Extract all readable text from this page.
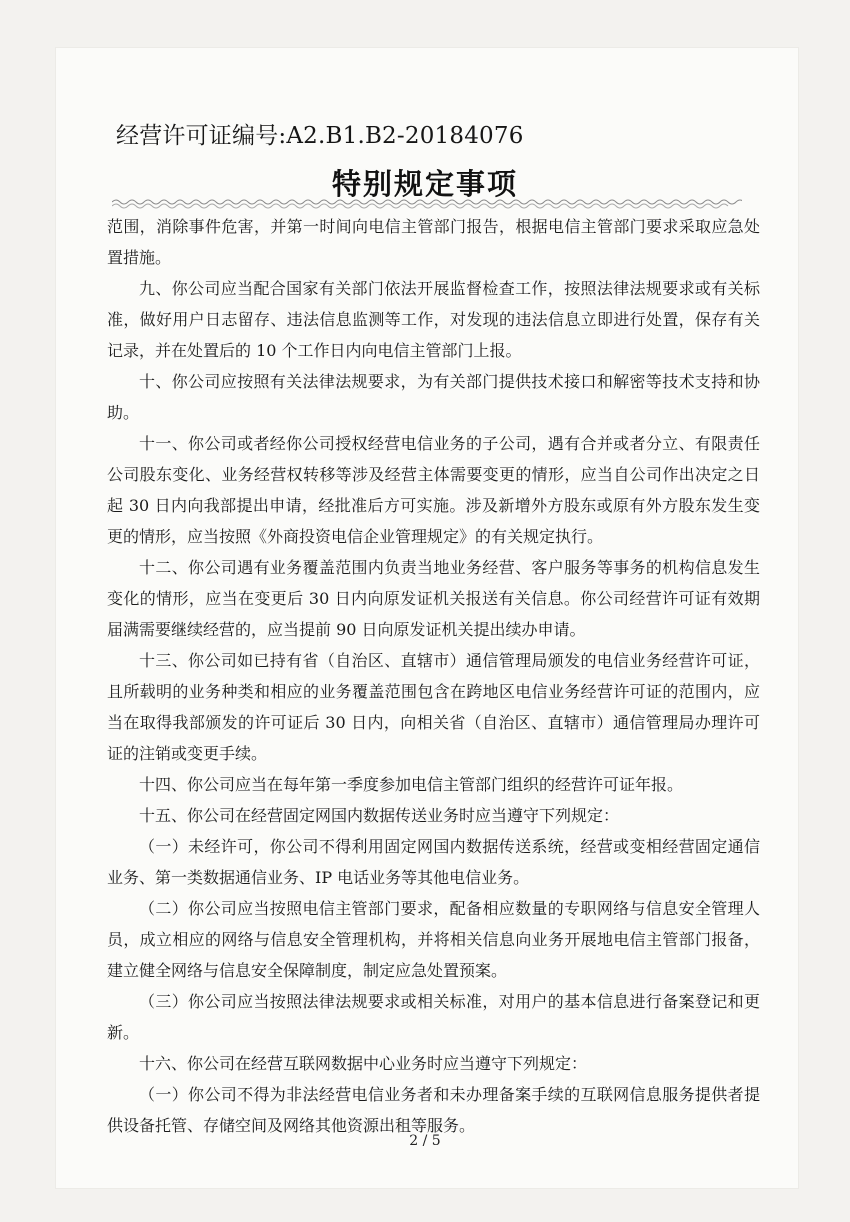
经营许可证编号:A2.B1.B2-20184076
特别规定事项

范围，消除事件危害，并第一时间向电信主管部门报告，根据电信主管部门要求采取应急处置措施。

九、你公司应当配合国家有关部门依法开展监督检查工作，按照法律法规要求或有关标准，做好用户日志留存、违法信息监测等工作，对发现的违法信息立即进行处置，保存有关记录，并在处置后的 10 个工作日内向电信主管部门上报。

十、你公司应按照有关法律法规要求，为有关部门提供技术接口和解密等技术支持和协助。

十一、你公司或者经你公司授权经营电信业务的子公司，遇有合并或者分立、有限责任公司股东变化、业务经营权转移等涉及经营主体需要变更的情形，应当自公司作出决定之日起 30 日内向我部提出申请，经批准后方可实施。涉及新增外方股东或原有外方股东发生变更的情形，应当按照《外商投资电信企业管理规定》的有关规定执行。

十二、你公司遇有业务覆盖范围内负责当地业务经营、客户服务等事务的机构信息发生变化的情形，应当在变更后 30 日内向原发证机关报送有关信息。你公司经营许可证有效期届满需要继续经营的，应当提前 90 日向原发证机关提出续办申请。

十三、你公司如已持有省（自治区、直辖市）通信管理局颁发的电信业务经营许可证，且所载明的业务种类和相应的业务覆盖范围包含在跨地区电信业务经营许可证的范围内，应当在取得我部颁发的许可证后 30 日内，向相关省（自治区、直辖市）通信管理局办理许可证的注销或变更手续。

十四、你公司应当在每年第一季度参加电信主管部门组织的经营许可证年报。

十五、你公司在经营固定网国内数据传送业务时应当遵守下列规定：

（一）未经许可，你公司不得利用固定网国内数据传送系统，经营或变相经营固定通信业务、第一类数据通信业务、IP 电话业务等其他电信业务。

（二）你公司应当按照电信主管部门要求，配备相应数量的专职网络与信息安全管理人员，成立相应的网络与信息安全管理机构，并将相关信息向业务开展地电信主管部门报备，建立健全网络与信息安全保障制度，制定应急处置预案。

（三）你公司应当按照法律法规要求或相关标准，对用户的基本信息进行备案登记和更新。

十六、你公司在经营互联网数据中心业务时应当遵守下列规定：

（一）你公司不得为非法经营电信业务者和未办理备案手续的互联网信息服务提供者提供设备托管、存储空间及网络其他资源出租等服务。

2 / 5
